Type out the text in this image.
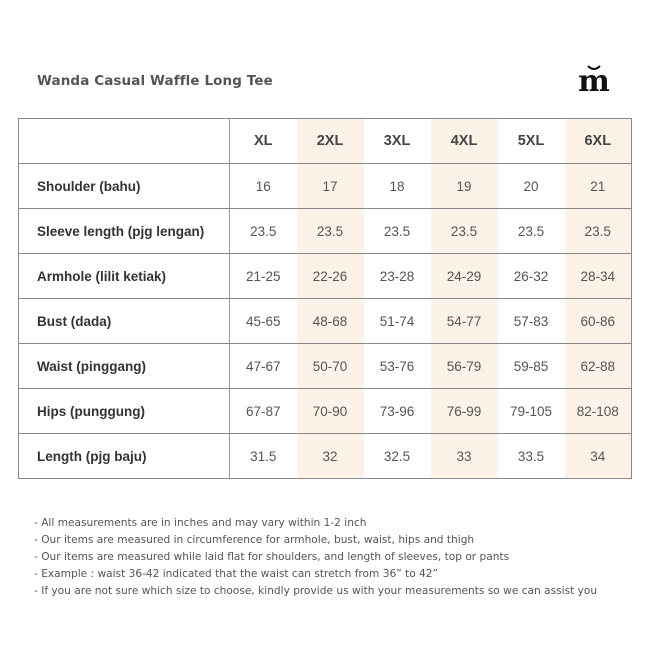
Wanda Casual Waffle Long Tee	m
	XL	2XL	3XL	4XL	5XL	6XL
Shoulder (bahu)	16	17	18	19	20	21
Sleeve length (pjg lengan)	23.5	23.5	23.5	23.5	23.5	23.5
Armhole (lilit ketiak)	21-25	22-26	23-28	24-29	26-32	28-34
Bust (dada)	45-65	48-68	51-74	54-77	57-83	60-86
Waist (pinggang)	47-67	50-70	53-76	56-79	59-85	62-88
Hips (punggung)	67-87	70-90	73-96	76-99	79-105	82-108
Length (pjg baju)	31.5	32	32.5	33	33.5	34
- All measurements are in inches and may vary within 1-2 inch
- Our items are measured in circumference for armhole, bust, waist, hips and thigh
- Our items are measured while laid flat for shoulders, and length of sleeves, top or pants
- Example : waist 36-42 indicated that the waist can stretch from 36” to 42”
- If you are not sure which size to choose, kindly provide us with your measurements so we can assist you
